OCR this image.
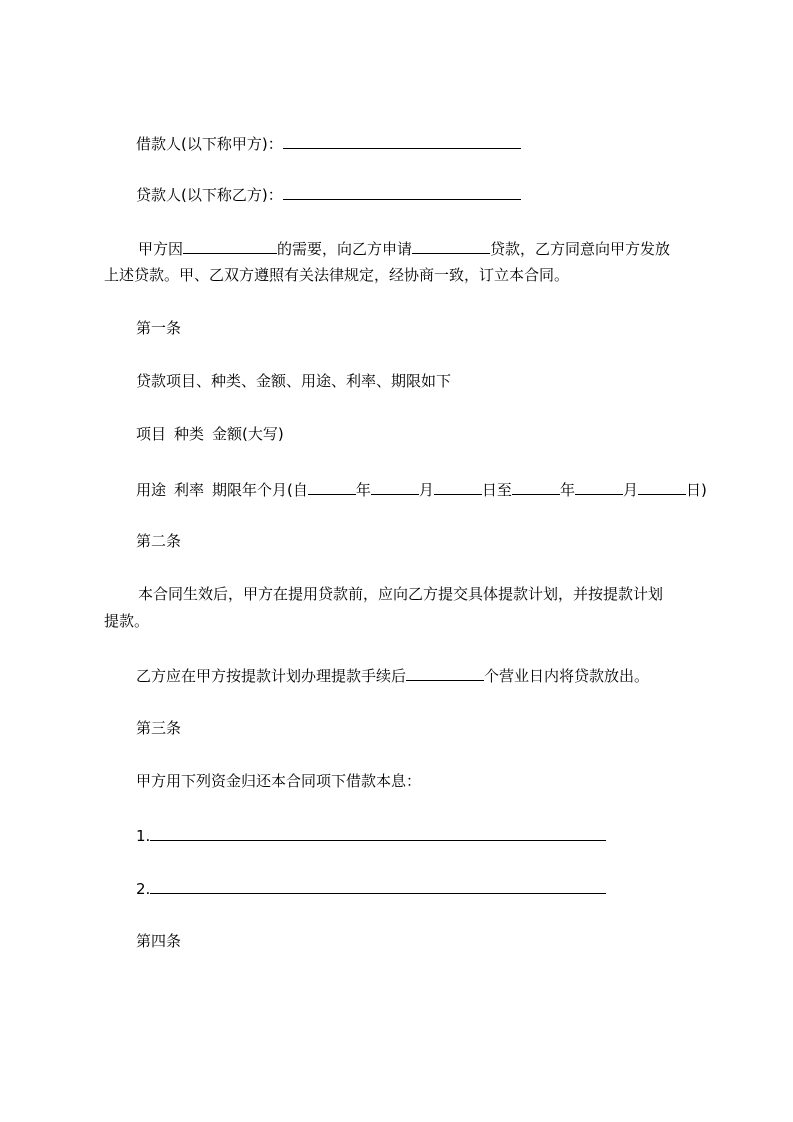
借款人(以下称甲方)：
贷款人(以下称乙方)：
甲方因	的需要，向乙方申请	贷款，乙方同意向甲方发放
上述贷款。甲、乙双方遵照有关法律规定，经协商一致，订立本合同。
第一条
贷款项目、种类、金额、用途、利率、期限如下
项目 种类 金额(大写)
用途 利率 期限年个月(自	年	月	日至	年	月	日)
第二条
本合同生效后，甲方在提用贷款前，应向乙方提交具体提款计划，并按提款计划
提款。
乙方应在甲方按提款计划办理提款手续后	个营业日内将贷款放出。
第三条
甲方用下列资金归还本合同项下借款本息：
1.
2.
第四条
